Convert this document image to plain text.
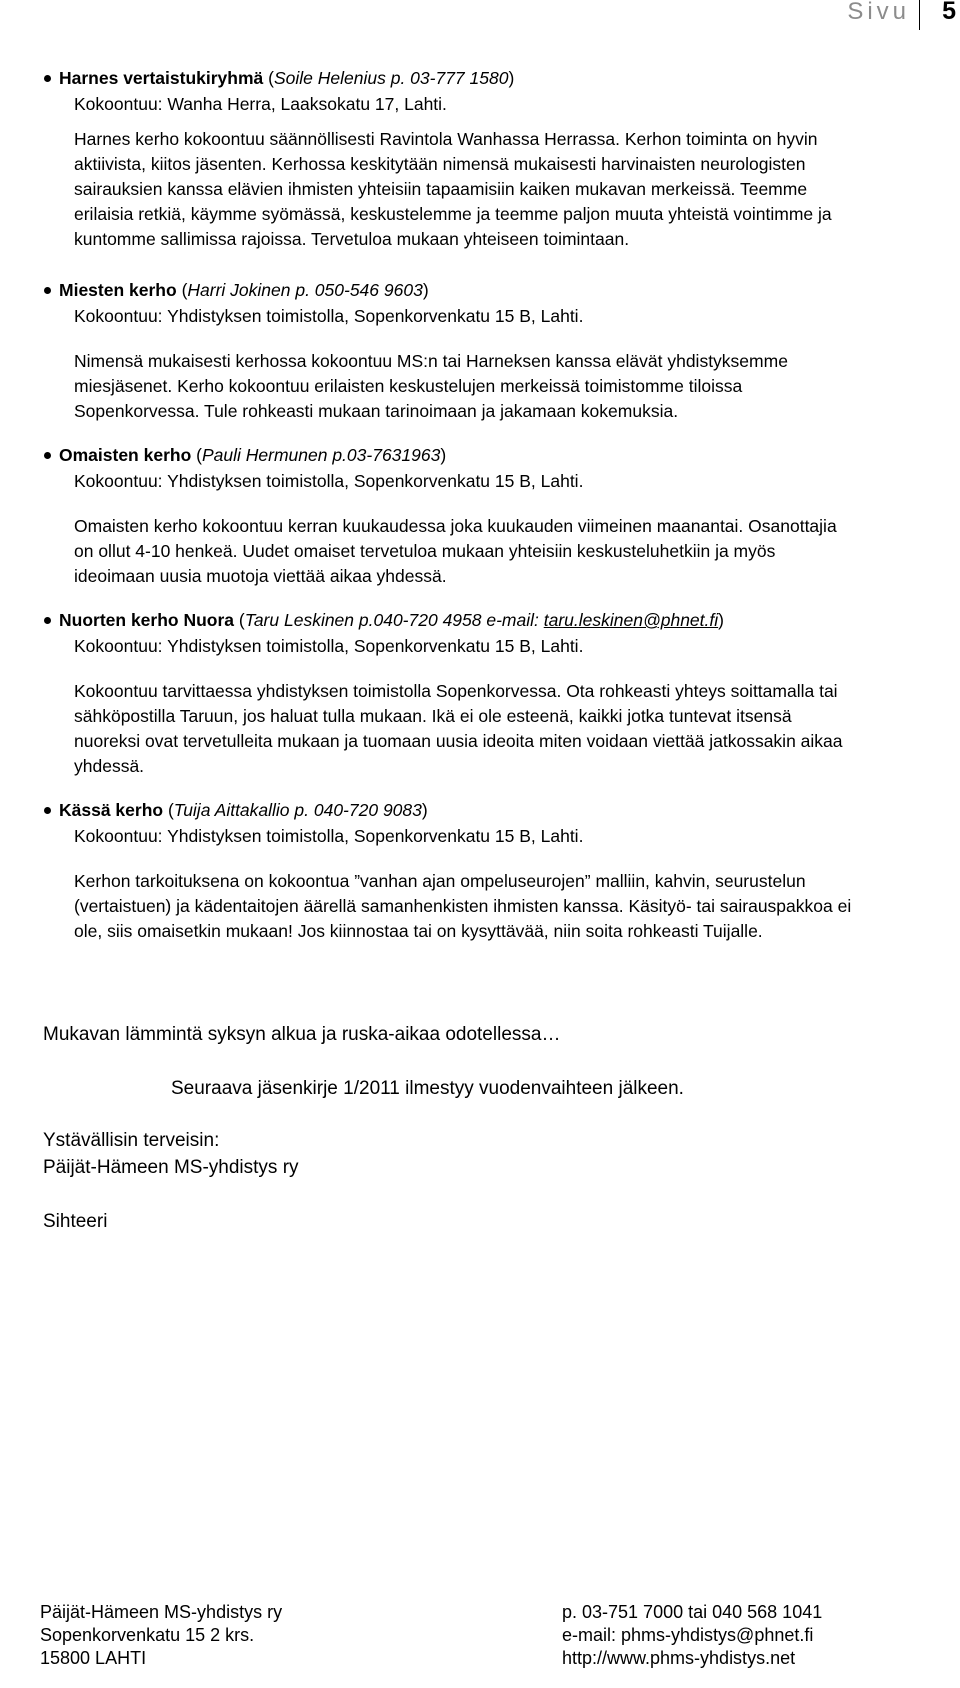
Sivu 5
Harnes vertaistukiryhmä (Soile Helenius p. 03-777 1580)
Kokoontuu: Wanha Herra, Laaksokatu 17, Lahti.
Harnes kerho kokoontuu säännöllisesti Ravintola Wanhassa Herrassa. Kerhon toiminta on hyvin
aktiivista, kiitos jäsenten. Kerhossa keskitytään nimensä mukaisesti harvinaisten neurologisten
sairauksien kanssa elävien ihmisten yhteisiin tapaamisiin kaiken mukavan merkeissä. Teemme
erilaisia retkiä, käymme syömässä, keskustelemme ja teemme paljon muuta yhteistä vointimme ja
kuntomme sallimissa rajoissa. Tervetuloa mukaan yhteiseen toimintaan.
Miesten kerho (Harri Jokinen p. 050-546 9603)
Kokoontuu: Yhdistyksen toimistolla, Sopenkorvenkatu 15 B, Lahti.
Nimensä mukaisesti kerhossa kokoontuu MS:n tai Harneksen kanssa elävät yhdistyksemme
miesjäsenet. Kerho kokoontuu erilaisten keskustelujen merkeissä toimistomme tiloissa
Sopenkorvessa. Tule rohkeasti mukaan tarinoimaan ja jakamaan kokemuksia.
Omaisten kerho (Pauli Hermunen p.03-7631963)
Kokoontuu: Yhdistyksen toimistolla, Sopenkorvenkatu 15 B, Lahti.
Omaisten kerho kokoontuu kerran kuukaudessa joka kuukauden viimeinen maanantai. Osanottajia
on ollut 4-10 henkeä. Uudet omaiset tervetuloa mukaan yhteisiin keskusteluhetkiin ja myös
ideoimaan uusia muotoja viettää aikaa yhdessä.
Nuorten kerho Nuora (Taru Leskinen p.040-720 4958 e-mail: taru.leskinen@phnet.fi)
Kokoontuu: Yhdistyksen toimistolla, Sopenkorvenkatu 15 B, Lahti.
Kokoontuu tarvittaessa yhdistyksen toimistolla Sopenkorvessa. Ota rohkeasti yhteys soittamalla tai
sähköpostilla Taruun, jos haluat tulla mukaan. Ikä ei ole esteenä, kaikki jotka tuntevat itsensä
nuoreksi ovat tervetulleita mukaan ja tuomaan uusia ideoita miten voidaan viettää jatkossakin aikaa
yhdessä.
Kässä kerho (Tuija Aittakallio p. 040-720 9083)
Kokoontuu: Yhdistyksen toimistolla, Sopenkorvenkatu 15 B, Lahti.
Kerhon tarkoituksena on kokoontua ”vanhan ajan ompeluseurojen” malliin, kahvin, seurustelun
(vertaistuen) ja kädentaitojen äärellä samanhenkisten ihmisten kanssa. Käsityö- tai sairauspakkoa ei
ole, siis omaisetkin mukaan! Jos kiinnostaa tai on kysyttävää, niin soita rohkeasti Tuijalle.
Mukavan lämmintä syksyn alkua ja ruska-aikaa odotellessa…
Seuraava jäsenkirje 1/2011 ilmestyy vuodenvaihteen jälkeen.
Ystävällisin terveisin:
Päijät-Hämeen MS-yhdistys ry
Sihteeri
Päijät-Hämeen MS-yhdistys ry
Sopenkorvenkatu 15 2 krs.
15800 LAHTI
p. 03-751 7000 tai 040 568 1041
e-mail: phms-yhdistys@phnet.fi
http://www.phms-yhdistys.net
